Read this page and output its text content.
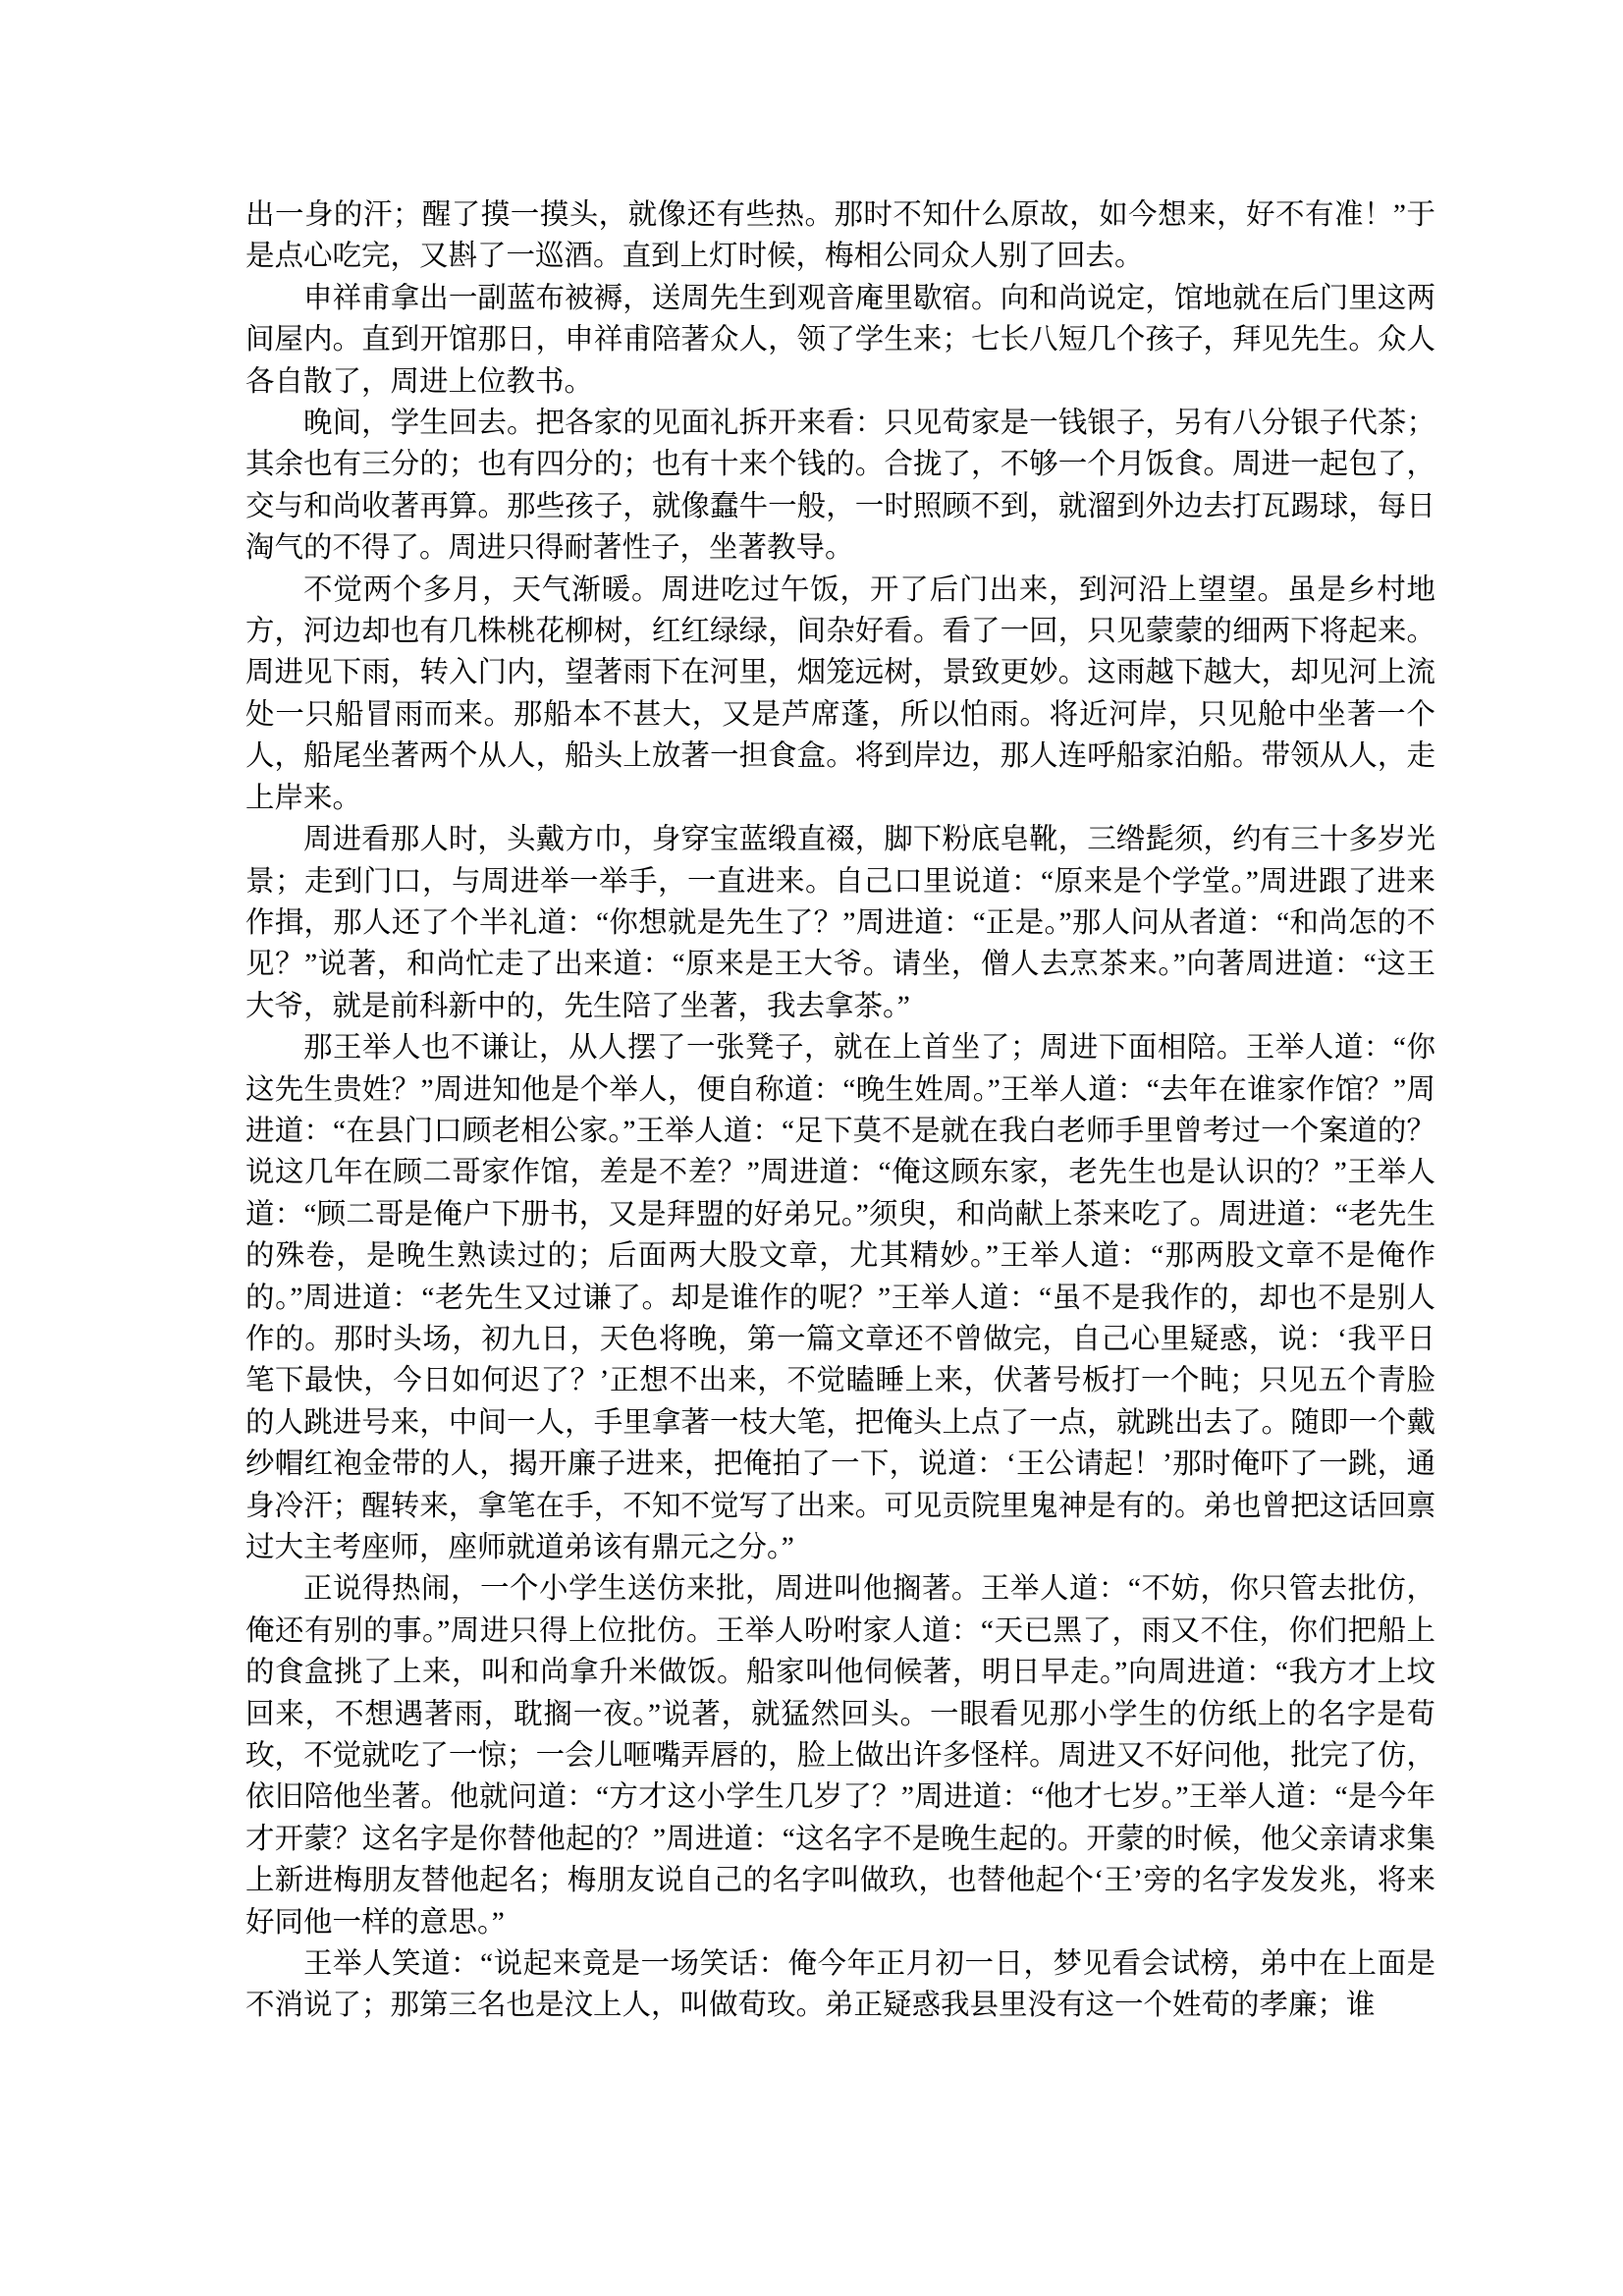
出一身的汗；醒了摸一摸头，就像还有些热。那时不知什么原故，如今想来，好不有准！”于是点心吃完，又斟了一巡酒。直到上灯时候，梅相公同众人别了回去。

申祥甫拿出一副蓝布被褥，送周先生到观音庵里歇宿。向和尚说定，馆地就在后门里这两间屋内。直到开馆那日，申祥甫陪著众人，领了学生来；七长八短几个孩子，拜见先生。众人各自散了，周进上位教书。

晚间，学生回去。把各家的见面礼拆开来看：只见荀家是一钱银子，另有八分银子代茶；其余也有三分的；也有四分的；也有十来个钱的。合拢了，不够一个月饭食。周进一起包了，交与和尚收著再算。那些孩子，就像蠢牛一般，一时照顾不到，就溜到外边去打瓦踢球，每日淘气的不得了。周进只得耐著性子，坐著教导。

不觉两个多月，天气渐暖。周进吃过午饭，开了后门出来，到河沿上望望。虽是乡村地方，河边却也有几株桃花柳树，红红绿绿，间杂好看。看了一回，只见蒙蒙的细两下将起来。周进见下雨，转入门内，望著雨下在河里，烟笼远树，景致更妙。这雨越下越大，却见河上流处一只船冒雨而来。那船本不甚大，又是芦席蓬，所以怕雨。将近河岸，只见舱中坐著一个人，船尾坐著两个从人，船头上放著一担食盒。将到岸边，那人连呼船家泊船。带领从人，走上岸来。

周进看那人时，头戴方巾，身穿宝蓝缎直裰，脚下粉底皂靴，三绺髭须，约有三十多岁光景；走到门口，与周进举一举手，一直进来。自己口里说道：“原来是个学堂。”周进跟了进来作揖，那人还了个半礼道：“你想就是先生了？”周进道：“正是。”那人问从者道：“和尚怎的不见？”说著，和尚忙走了出来道：“原来是王大爷。请坐，僧人去烹茶来。”向著周进道：“这王大爷，就是前科新中的，先生陪了坐著，我去拿茶。”

那王举人也不谦让，从人摆了一张凳子，就在上首坐了；周进下面相陪。王举人道：“你这先生贵姓？”周进知他是个举人，便自称道：“晚生姓周。”王举人道：“去年在谁家作馆？”周进道：“在县门口顾老相公家。”王举人道：“足下莫不是就在我白老师手里曾考过一个案道的？说这几年在顾二哥家作馆，差是不差？”周进道：“俺这顾东家，老先生也是认识的？”王举人道：“顾二哥是俺户下册书，又是拜盟的好弟兄。”须臾，和尚献上茶来吃了。周进道：“老先生的殊卷，是晚生熟读过的；后面两大股文章，尤其精妙。”王举人道：“那两股文章不是俺作的。”周进道：“老先生又过谦了。却是谁作的呢？”王举人道：“虽不是我作的，却也不是别人作的。那时头场，初九日，天色将晚，第一篇文章还不曾做完，自己心里疑惑，说：‘我平日笔下最快，今日如何迟了？’正想不出来，不觉瞌睡上来，伏著号板打一个盹；只见五个青脸的人跳进号来，中间一人，手里拿著一枝大笔，把俺头上点了一点，就跳出去了。随即一个戴纱帽红袍金带的人，揭开廉子进来，把俺拍了一下，说道：‘王公请起！’那时俺吓了一跳，通身冷汗；醒转来，拿笔在手，不知不觉写了出来。可见贡院里鬼神是有的。弟也曾把这话回禀过大主考座师，座师就道弟该有鼎元之分。”

正说得热闹，一个小学生送仿来批，周进叫他搁著。王举人道：“不妨，你只管去批仿，俺还有别的事。”周进只得上位批仿。王举人吩咐家人道：“天已黑了，雨又不住，你们把船上的食盒挑了上来，叫和尚拿升米做饭。船家叫他伺候著，明日早走。”向周进道：“我方才上坟回来，不想遇著雨，耽搁一夜。”说著，就猛然回头。一眼看见那小学生的仿纸上的名字是荀玫，不觉就吃了一惊；一会儿咂嘴弄唇的，脸上做出许多怪样。周进又不好问他，批完了仿，依旧陪他坐著。他就问道：“方才这小学生几岁了？”周进道：“他才七岁。”王举人道：“是今年才开蒙？这名字是你替他起的？”周进道：“这名字不是晚生起的。开蒙的时候，他父亲请求集上新进梅朋友替他起名；梅朋友说自己的名字叫做玖，也替他起个‘王’旁的名字发发兆，将来好同他一样的意思。”

王举人笑道：“说起来竟是一场笑话：俺今年正月初一日，梦见看会试榜，弟中在上面是不消说了；那第三名也是汶上人，叫做荀玫。弟正疑惑我县里没有这一个姓荀的孝廉；谁
